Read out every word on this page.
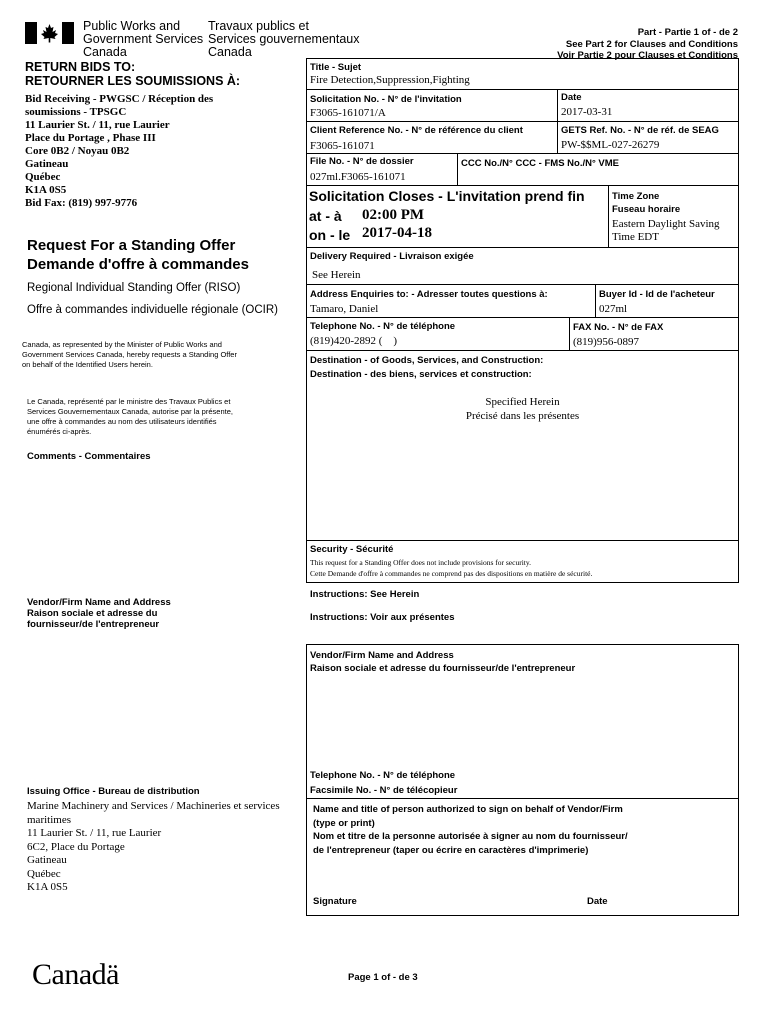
Public Works and
Government Services
Canada
Travaux publics et
Services gouvernementaux
Canada
Part - Partie 1 of - de 2
See Part 2 for Clauses and Conditions
Voir Partie 2 pour Clauses et Conditions
RETURN BIDS TO:
RETOURNER LES SOUMISSIONS À:
Bid Receiving - PWGSC / Réception des
soumissions - TPSGC
11 Laurier St. / 11, rue Laurier
Place du Portage , Phase III
Core 0B2 / Noyau 0B2
Gatineau
Québec
K1A 0S5
Bid Fax: (819) 997-9776
Request For a Standing Offer
Demande d'offre à commandes
Regional Individual Standing Offer (RISO)
Offre à commandes individuelle régionale (OCIR)
Canada, as represented by the Minister of Public Works and
Government Services Canada, hereby requests a Standing Offer
on behalf of the Identified Users herein.
Le Canada, représenté par le ministre des Travaux Publics et
Services Gouvernementaux Canada, autorise par la présente,
une offre à commandes au nom des utilisateurs identifiés
énumérés ci-après.
Comments - Commentaires
Vendor/Firm Name and Address
Raison sociale et adresse du
fournisseur/de l'entrepreneur
Issuing Office - Bureau de distribution
Marine Machinery and Services / Machineries et services
maritimes
11 Laurier St. / 11, rue Laurier
6C2, Place du Portage
Gatineau
Québec
K1A 0S5
Title - Sujet
Fire Detection,Suppression,Fighting
Solicitation No. - N° de l'invitation
F3065-161071/A
Date
2017-03-31
Client Reference No. - N° de référence du client
F3065-161071
GETS Ref. No. - N° de réf. de SEAG
PW-$$ML-027-26279
File No. - N° de dossier
027ml.F3065-161071
CCC No./N° CCC - FMS No./N° VME
Solicitation Closes - L'invitation prend fin
at - à 02:00 PM
on - le 2017-04-18
Time Zone
Fuseau horaire
Eastern Daylight Saving
Time EDT
Delivery Required - Livraison exigée
See Herein
Address Enquiries to: - Adresser toutes questions à:
Tamaro, Daniel
Buyer Id - Id de l'acheteur
027ml
Telephone No. - N° de téléphone
(819)420-2892 (    )
FAX No. - N° de FAX
(819)956-0897
Destination - of Goods, Services, and Construction:
Destination - des biens, services et construction:
Specified Herein
Précisé dans les présentes
Security - Sécurité
This request for a Standing Offer does not include provisions for security.
Cette Demande d'offre à commandes ne comprend pas des dispositions en matière de sécurité.
Instructions: See Herein
Instructions: Voir aux présentes
Vendor/Firm Name and Address
Raison sociale et adresse du fournisseur/de l'entrepreneur
Telephone No. - N° de téléphone
Facsimile No. - N° de télécopieur
Name and title of person authorized to sign on behalf of Vendor/Firm
(type or print)
Nom et titre de la personne autorisée à signer au nom du fournisseur/
de l'entrepreneur (taper ou écrire en caractères d'imprimerie)
Signature	Date
Canadä	Page 1 of - de 3
